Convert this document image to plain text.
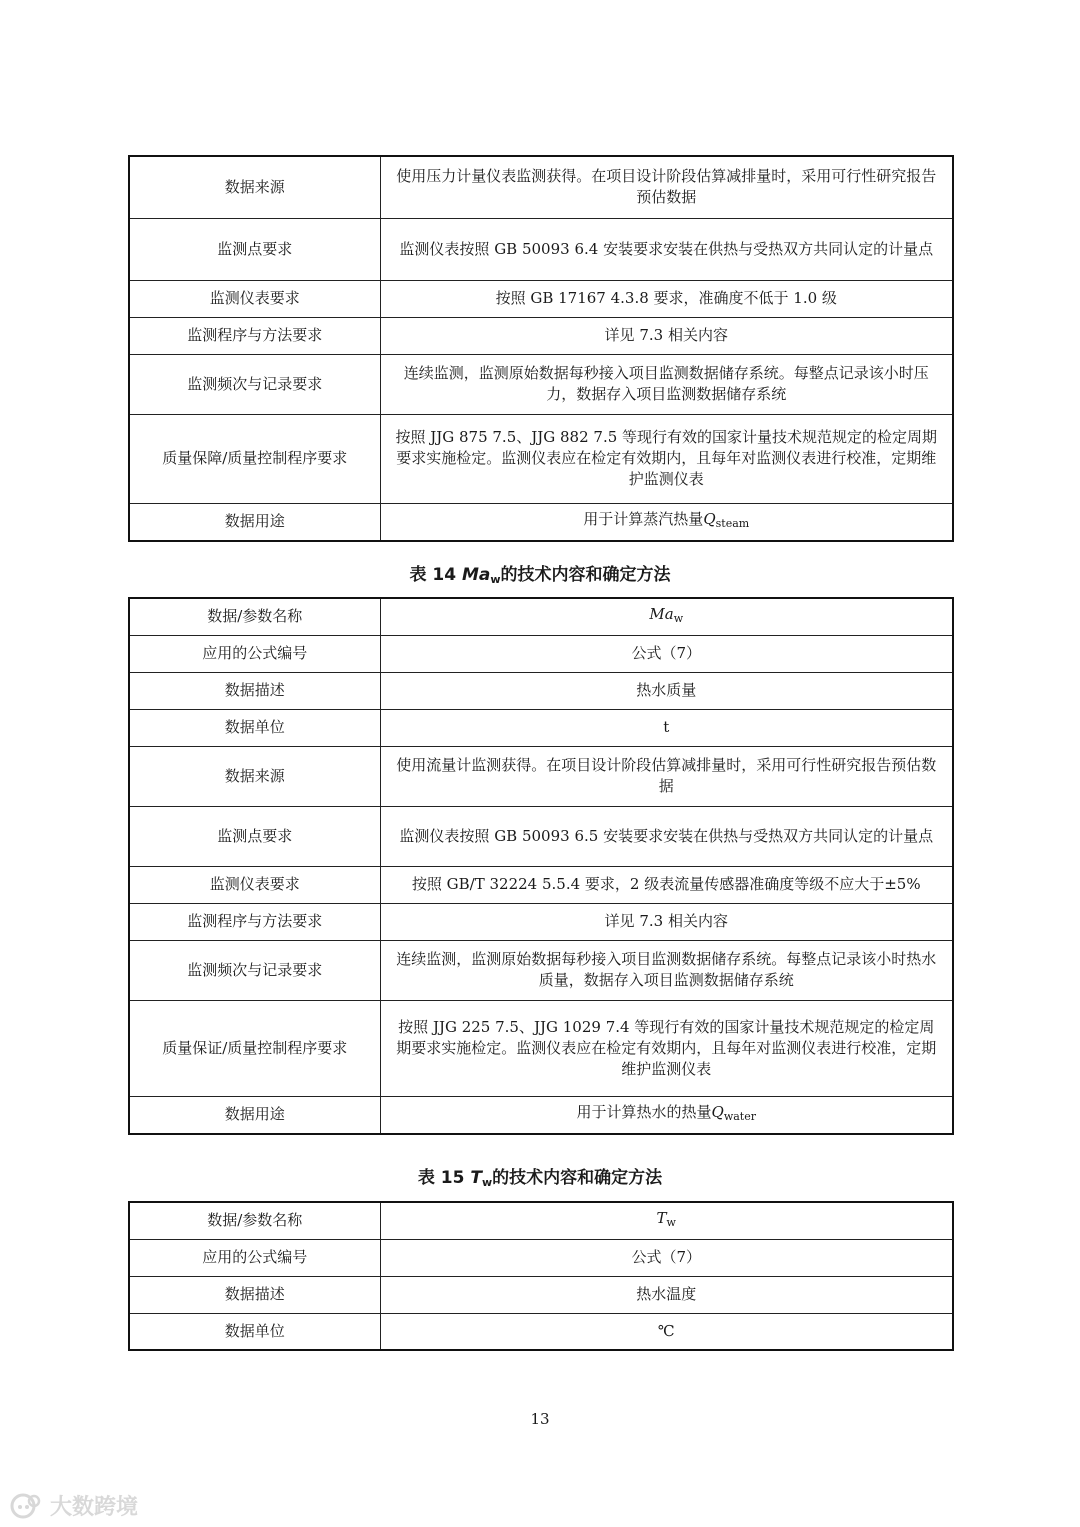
数据来源	使用压力计量仪表监测获得。在项目设计阶段估算减排量时，采用可行性研究报告预估数据
监测点要求	监测仪表按照 GB 50093 6.4 安装要求安装在供热与受热双方共同认定的计量点
监测仪表要求	按照 GB 17167 4.3.8 要求，准确度不低于 1.0 级
监测程序与方法要求	详见 7.3 相关内容
监测频次与记录要求	连续监测，监测原始数据每秒接入项目监测数据储存系统。每整点记录该小时压力，数据存入项目监测数据储存系统
质量保障/质量控制程序要求	按照 JJG 875 7.5、JJG 882 7.5 等现行有效的国家计量技术规范规定的检定周期要求实施检定。监测仪表应在检定有效期内，且每年对监测仪表进行校准，定期维护监测仪表
数据用途	用于计算蒸汽热量$Q_{steam}$
表 14 $Ma_w$的技术内容和确定方法
数据/参数名称	$Ma_w$
应用的公式编号	公式（7）
数据描述	热水质量
数据单位	t
数据来源	使用流量计监测获得。在项目设计阶段估算减排量时，采用可行性研究报告预估数据
监测点要求	监测仪表按照 GB 50093 6.5 安装要求安装在供热与受热双方共同认定的计量点
监测仪表要求	按照 GB/T 32224 5.5.4 要求，2 级表流量传感器准确度等级不应大于±5%
监测程序与方法要求	详见 7.3 相关内容
监测频次与记录要求	连续监测，监测原始数据每秒接入项目监测数据储存系统。每整点记录该小时热水质量，数据存入项目监测数据储存系统
质量保证/质量控制程序要求	按照 JJG 225 7.5、JJG 1029 7.4 等现行有效的国家计量技术规范规定的检定周期要求实施检定。监测仪表应在检定有效期内，且每年对监测仪表进行校准，定期维护监测仪表
数据用途	用于计算热水的热量$Q_{water}$
表 15 $T_w$的技术内容和确定方法
数据/参数名称	$T_w$
应用的公式编号	公式（7）
数据描述	热水温度
数据单位	℃
13
大数跨境
